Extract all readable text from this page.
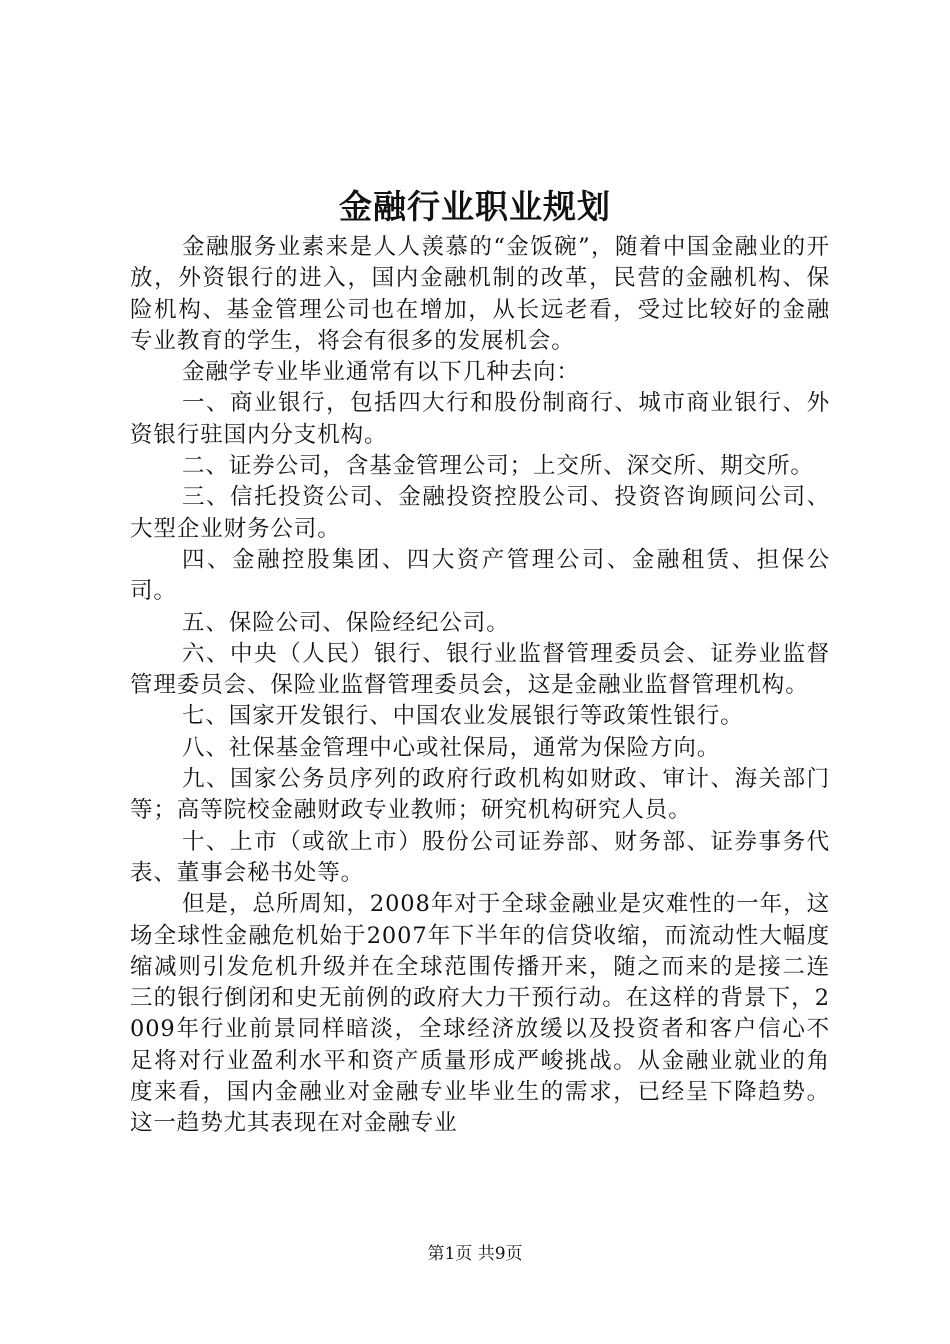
金融行业职业规划

金融服务业素来是人人羡慕的“金饭碗”，随着中国金融业的开放，外资银行的进入，国内金融机制的改革，民营的金融机构、保险机构、基金管理公司也在增加，从长远老看，受过比较好的金融专业教育的学生，将会有很多的发展机会。

金融学专业毕业通常有以下几种去向：

一、商业银行，包括四大行和股份制商行、城市商业银行、外资银行驻国内分支机构。

二、证券公司，含基金管理公司；上交所、深交所、期交所。

三、信托投资公司、金融投资控股公司、投资咨询顾问公司、大型企业财务公司。

四、金融控股集团、四大资产管理公司、金融租赁、担保公司。

五、保险公司、保险经纪公司。

六、中央（人民）银行、银行业监督管理委员会、证券业监督管理委员会、保险业监督管理委员会，这是金融业监督管理机构。

七、国家开发银行、中国农业发展银行等政策性银行。

八、社保基金管理中心或社保局，通常为保险方向。

九、国家公务员序列的政府行政机构如财政、审计、海关部门等；高等院校金融财政专业教师；研究机构研究人员。

十、上市（或欲上市）股份公司证券部、财务部、证券事务代表、董事会秘书处等。

但是，总所周知，2008年对于全球金融业是灾难性的一年，这场全球性金融危机始于2007年下半年的信贷收缩，而流动性大幅度缩减则引发危机升级并在全球范围传播开来，随之而来的是接二连三的银行倒闭和史无前例的政府大力干预行动。在这样的背景下，2009年行业前景同样暗淡，全球经济放缓以及投资者和客户信心不足将对行业盈利水平和资产质量形成严峻挑战。从金融业就业的角度来看，国内金融业对金融专业毕业生的需求，已经呈下降趋势。这一趋势尤其表现在对金融专业

第1页 共9页
